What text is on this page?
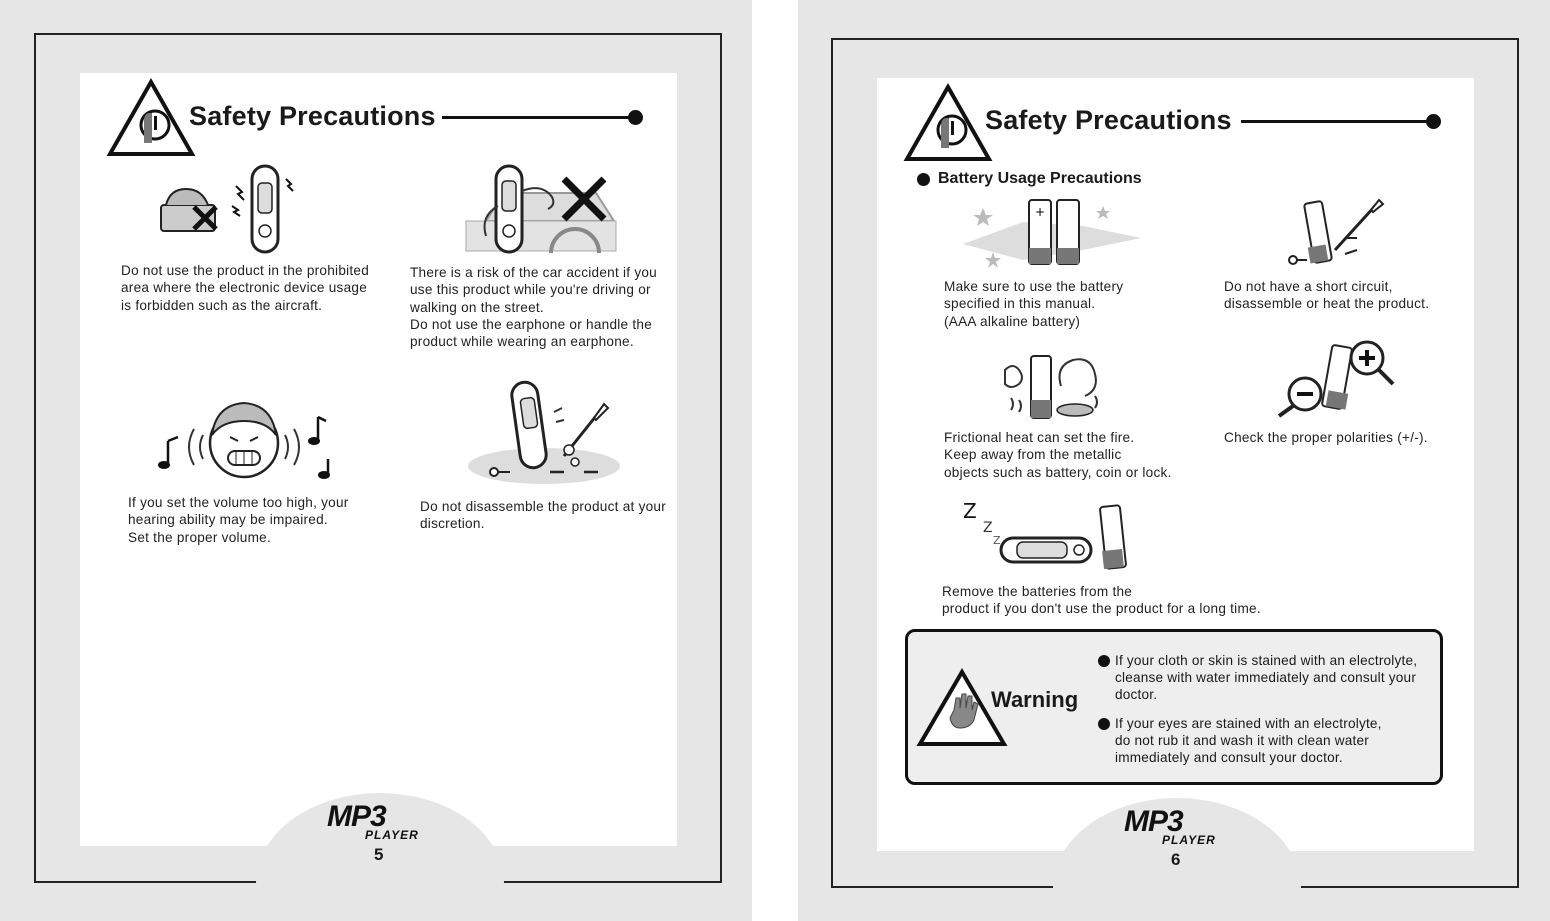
Safety Precautions
Do not use the product in the prohibited
area where the electronic device usage
is forbidden such as the aircraft.
There is a risk of the car accident if you
use this product while you're driving or
walking on the street.
Do not use the earphone or handle the
product while wearing an earphone.
If you set the volume too high, your
hearing ability may be impaired.
Set the proper volume.
Do not disassemble the product at your
discretion.
MP3
PLAYER
5
Safety Precautions
Battery Usage Precautions
+
Make sure to use the battery
specified in this manual.
(AAA alkaline battery)
Do not have a short circuit,
disassemble or heat the product.
Frictional heat can set the fire.
Keep away from the metallic
objects such as battery, coin or lock.
Check the proper polarities (+/-).
Z
Z
Z
Remove the batteries from the
product if you don't use the product for a long time.
Warning
If your cloth or skin is stained with an electrolyte,
cleanse with water immediately and consult your
doctor.
If your eyes are stained with an electrolyte,
do not rub it and wash it with clean water
immediately and consult your doctor.
MP3
PLAYER
6
